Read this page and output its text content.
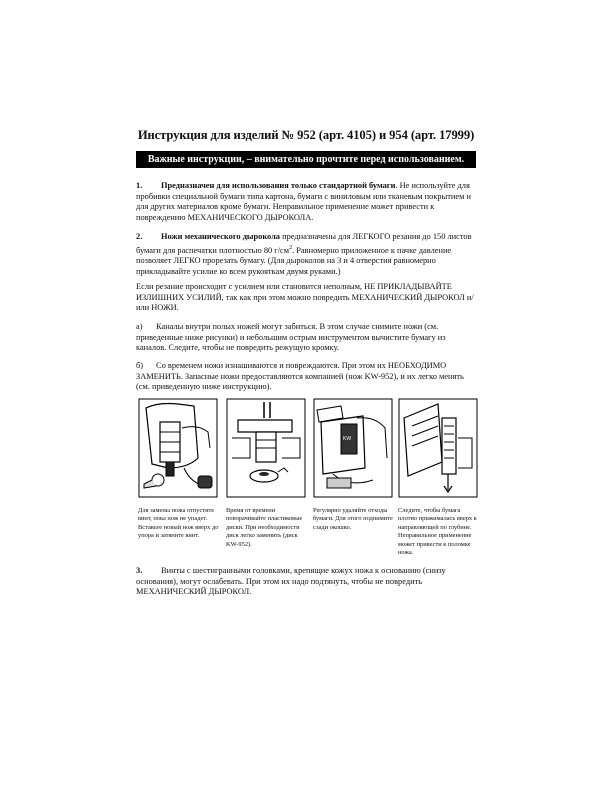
Инструкция для изделий № 952 (арт. 4105) и 954 (арт. 17999)
Важные инструкции, – внимательно прочтите перед использованием.
1. Предназначен для использования только стандартной бумаги. Не используйте для пробивки специальной бумаги типа картона, бумаги с виниловым или тканевым покрытием и для других материалов кроме бумаги. Неправильное применение может привести к повреждению МЕХАНИЧЕСКОГО ДЫРОКОЛА.
2. Ножи механического дырокола предназначены для ЛЕГКОГО резания до 150 листов бумаги для распечатки плотностью 80 $г/см^2$. Равномерно приложенное к пачке давление позволяет ЛЕГКО прорезать бумагу. (Для дыроколов на 3 и 4 отверстия равномерно прикладывайте усилие ко всем рукояткам двумя руками.)
Если резание происходит с усилием или становится неполным, НЕ ПРИКЛАДЫВАЙТЕ ИЗЛИШНИХ УСИЛИЙ, так как при этом можно повредить МЕХАНИЧЕСКИЙ ДЫРОКОЛ и/или НОЖИ.
а) Каналы внутри полых ножей могут забиться. В этом случае снимите ножи (см. приведенные ниже рисунки) и небольшим острым инструментом вычистите бумагу из каналов. Следите, чтобы не повредить режущую кромку.
б) Со временем ножи изнашиваются и повреждаются. При этом их НЕОБХОДИМО ЗАМЕНИТЬ. Запасные ножи предоставляются компанией (нож KW-952), и их легко менять (см. приведенную ниже инструкцию).
KW
Для замены ножа отпустите винт, пока нож не упадет. Вставьте новый нож вверх до упора и затяните винт.
Время от времени поворачивайте пластиковые диски. При необходимости диск легко заменить (диск KW-952).
Регулярно удаляйте отходы бумаги. Для этого поднимите сзади окошко.
Следите, чтобы бумага плотно прижималась вверх к направляющей по глубине. Неправильное применение может привести к поломке ножа.
3. Винты с шестигранными головками, крепящие кожух ножа к основанию (снизу основания), могут ослабевать. При этом их надо подтянуть, чтобы не повредить МЕХАНИЧЕСКИЙ ДЫРОКОЛ.
